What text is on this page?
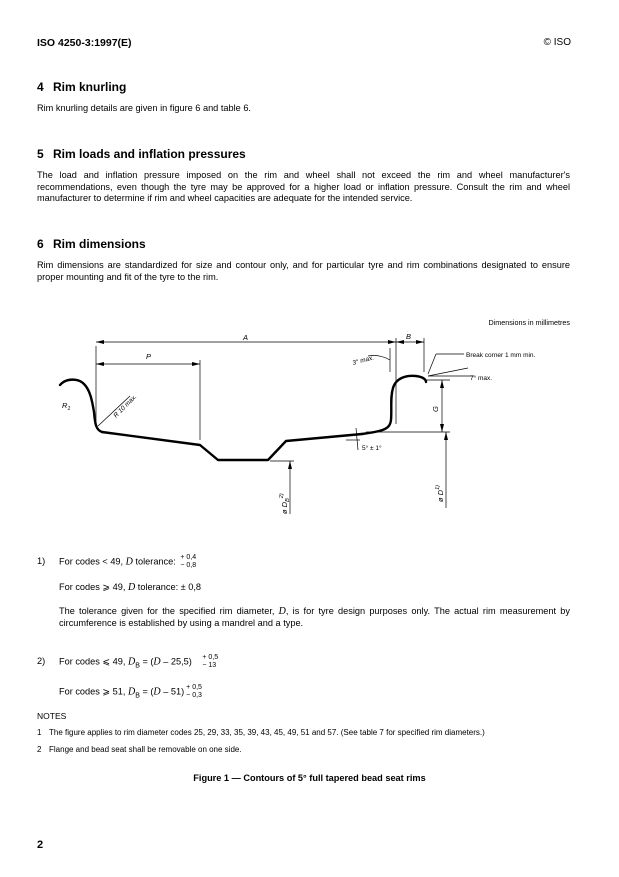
ISO 4250-3:1997(E)	© ISO
4 Rim knurling
Rim knurling details are given in figure 6 and table 6.
5 Rim loads and inflation pressures
The load and inflation pressure imposed on the rim and wheel shall not exceed the rim and wheel manufacturer's recommendations, even though the tyre may be approved for a higher load or inflation pressure. Consult the rim and wheel manufacturer to determine if rim and wheel capacities are adequate for the intended service.
6 Rim dimensions
Rim dimensions are standardized for size and contour only, and for particular tyre and rim combinations designated to ensure proper mounting and fit of the tyre to the rim.
Dimensions in millimetres
A	B
P
$R_1$	R 10 max.
3° max.	Break corner 1 mm min.
7° max.
5° ± 1°
G
ø $D_B^{2)}$	ø $D^{1)}$
1) For codes < 49, D tolerance: + 0,4
− 0,8
For codes ⩾ 49, D tolerance: ± 0,8
The tolerance given for the specified rim diameter, D, is for tyre design purposes only. The actual rim measurement by circumference is established by using a mandrel and a type.
2) For codes ⩽ 49, $D_B = (D - 25,5) + 0,5$
− 13
For codes ⩾ 51, $D_B = (D - 51) + 0,5$
− 0,3
NOTES
1 The figure applies to rim diameter codes 25, 29, 33, 35, 39, 43, 45, 49, 51 and 57. (See table 7 for specified rim diameters.)
2 Flange and bead seat shall be removable on one side.
Figure 1 — Contours of 5° full tapered bead seat rims
2
